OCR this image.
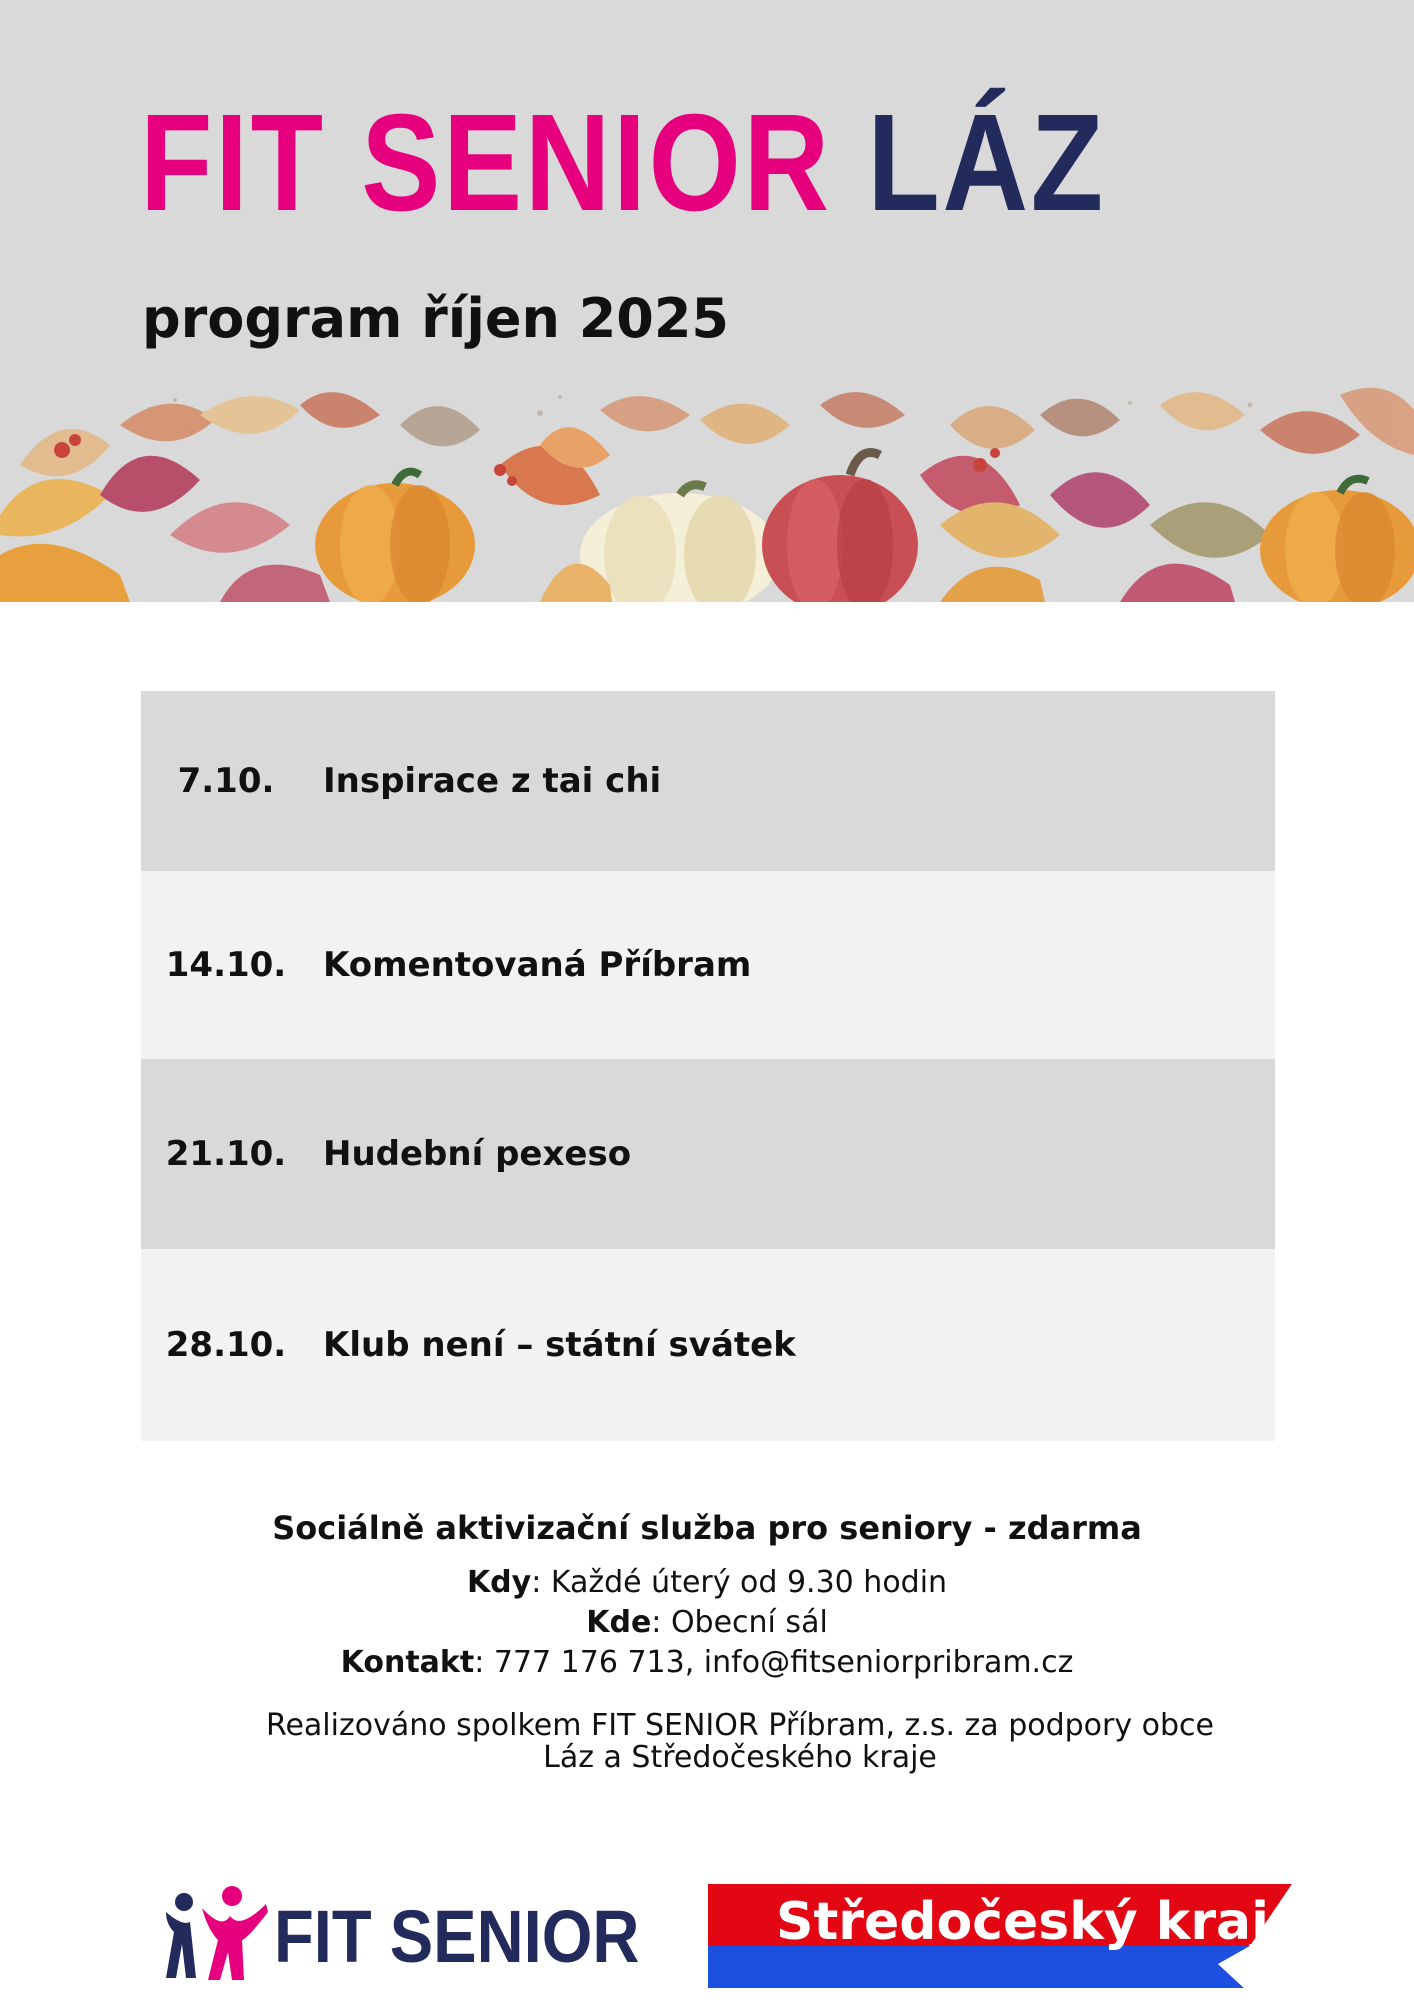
FIT SENIOR LÁZ
program říjen 2025
7.10.	Inspirace z tai chi
14.10.	Komentovaná Příbram
21.10.	Hudební pexeso
28.10.	Klub není – státní svátek
Sociálně aktivizační služba pro seniory - zdarma
Kdy: Každé úterý od 9.30 hodin
Kde: Obecní sál
Kontakt: 777 176 713, info@fitseniorpribram.cz
Realizováno spolkem FIT SENIOR Příbram, z.s. za podpory obce
Láz a Středočeského kraje
FIT SENIOR	Středočeský kraj
